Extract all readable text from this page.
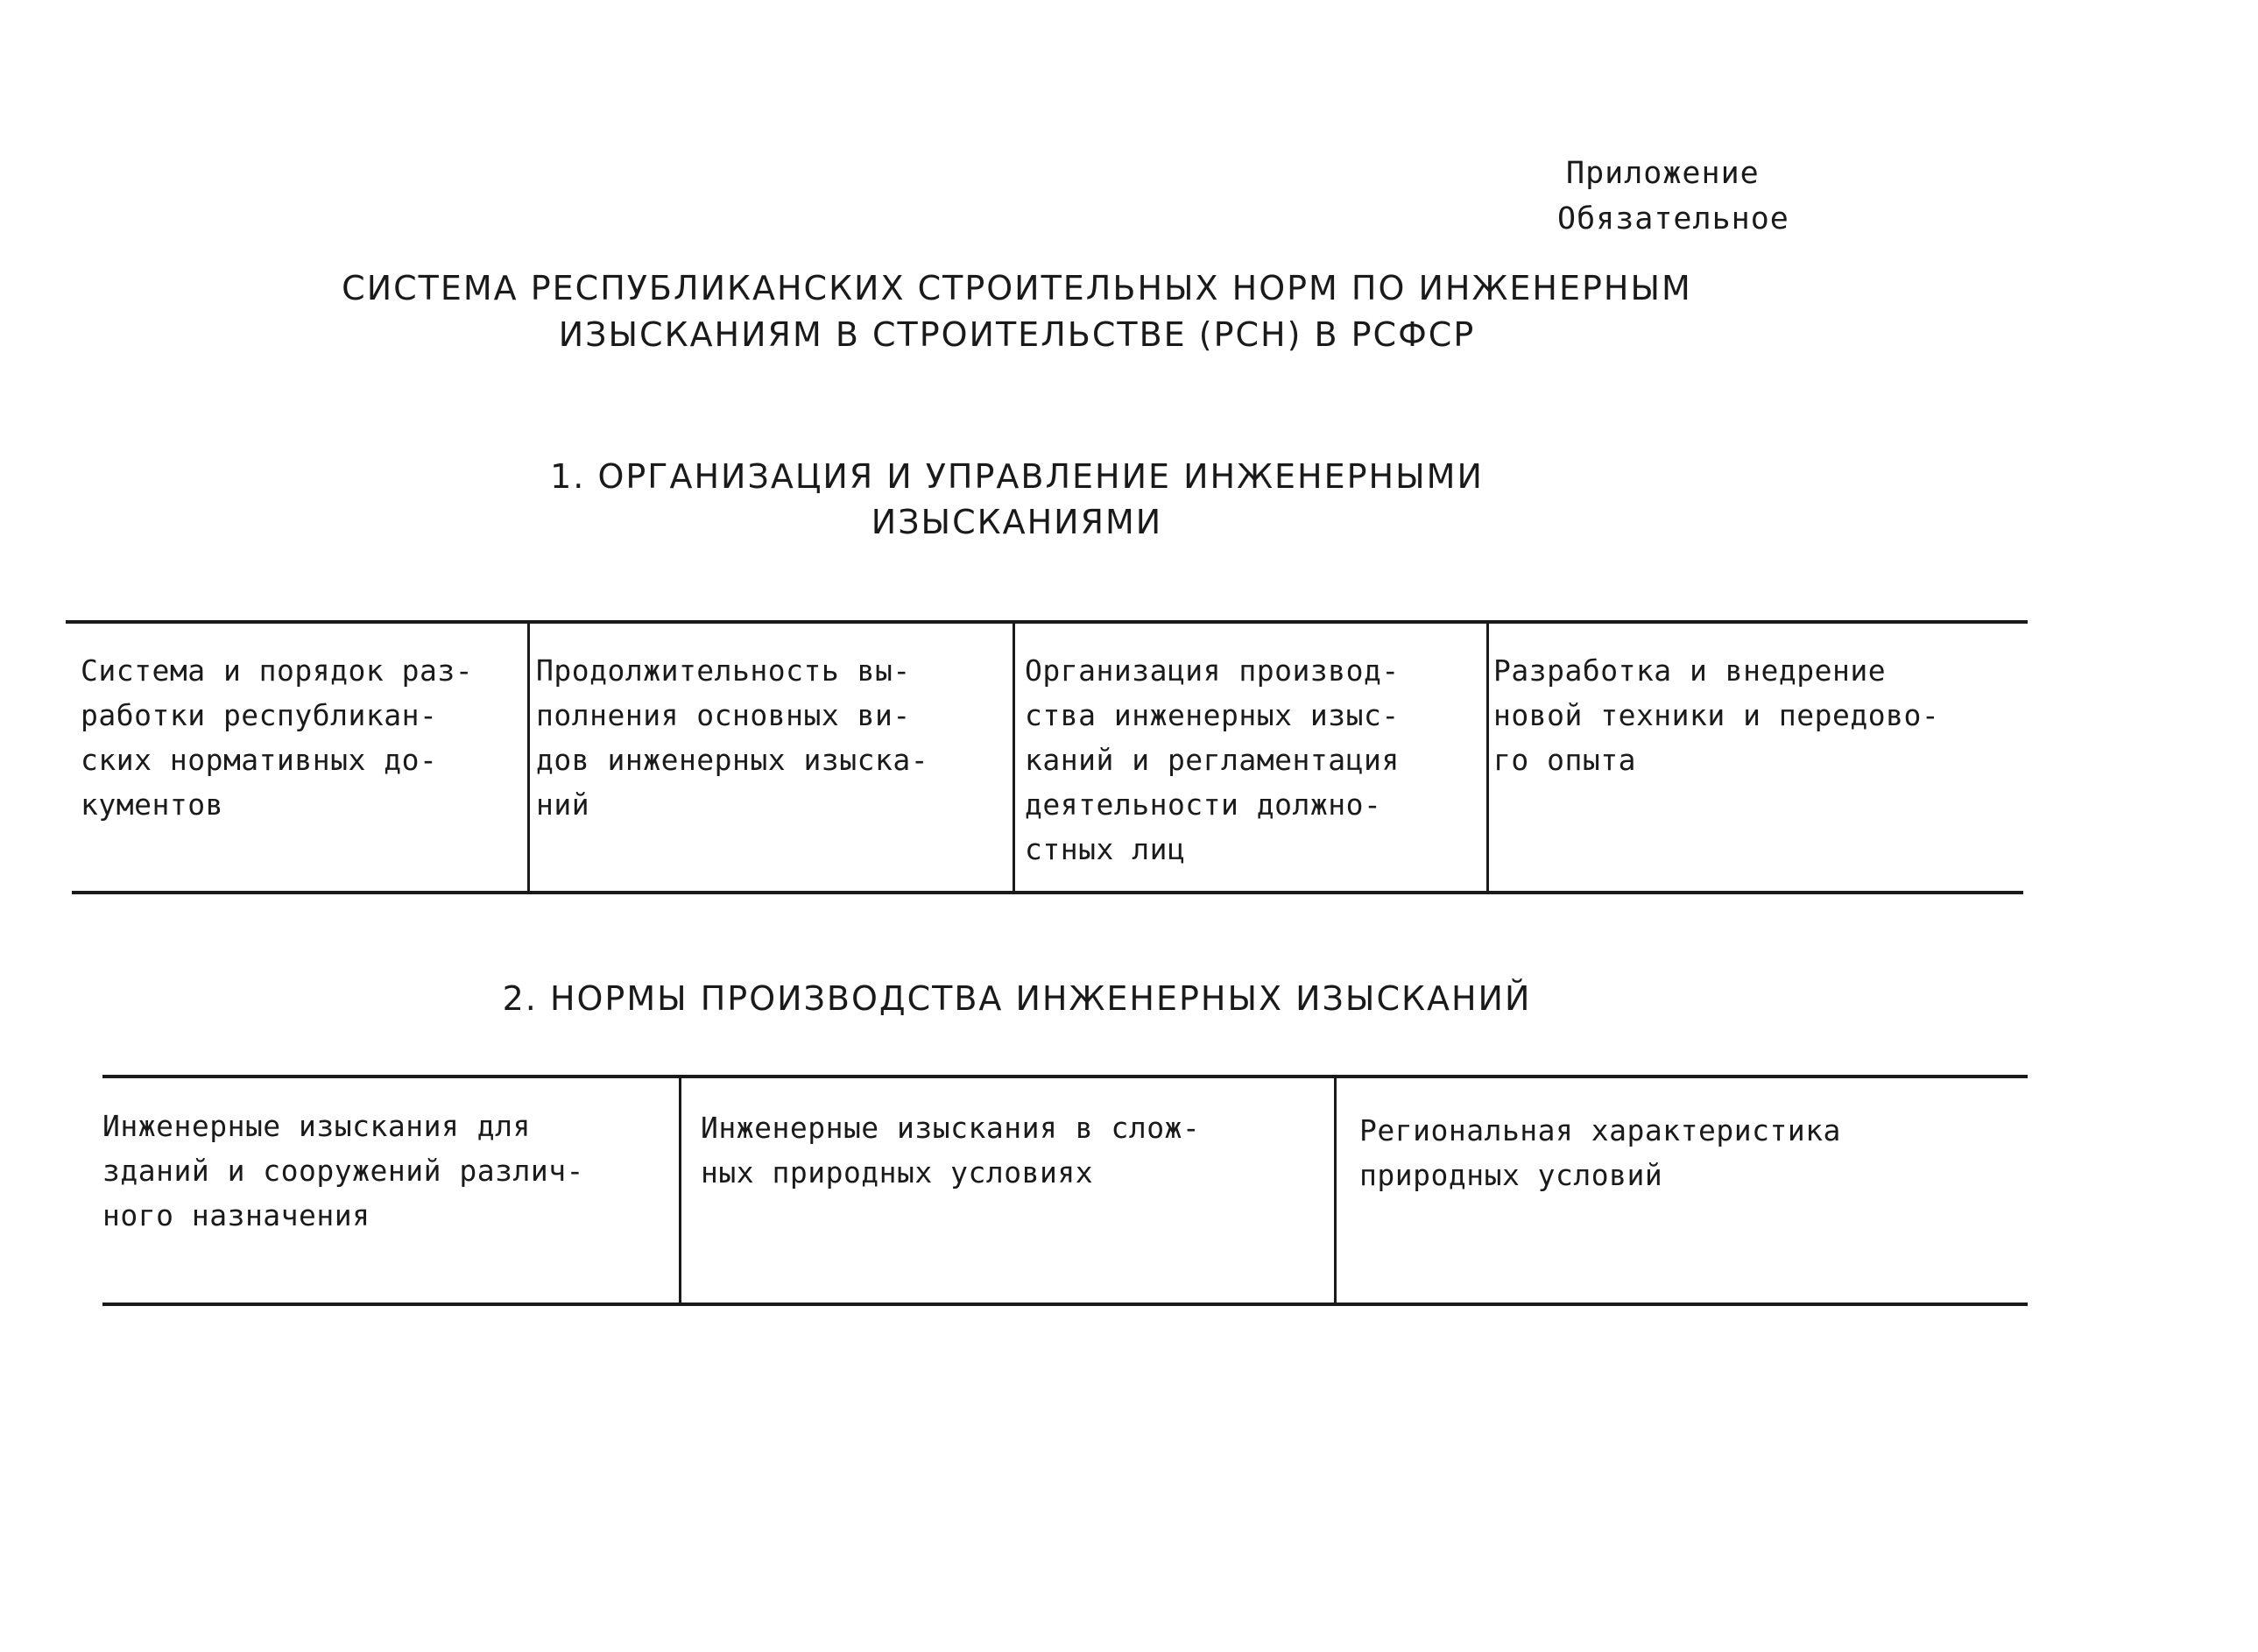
Приложение
Обязательное
СИСТЕМА РЕСПУБЛИКАНСКИХ СТРОИТЕЛЬНЫХ НОРМ ПО ИНЖЕНЕРНЫМ
ИЗЫСКАНИЯМ В СТРОИТЕЛЬСТВЕ (РСН) В РСФСР
1. ОРГАНИЗАЦИЯ И УПРАВЛЕНИЕ ИНЖЕНЕРНЫМИ
ИЗЫСКАНИЯМИ
Система и порядок раз-
работки республикан-
ских нормативных до-
кументов
Продолжительность вы-
полнения основных ви-
дов инженерных изыска-
ний
Организация производ-
ства инженерных изыс-
каний и регламентация
деятельности должно-
стных лиц
Разработка и внедрение
новой техники и передово-
го опыта
2. НОРМЫ ПРОИЗВОДСТВА ИНЖЕНЕРНЫХ ИЗЫСКАНИЙ
Инженерные изыскания для
зданий и сооружений различ-
ного назначения
Инженерные изыскания в слож-
ных природных условиях
Региональная характеристика
природных условий
